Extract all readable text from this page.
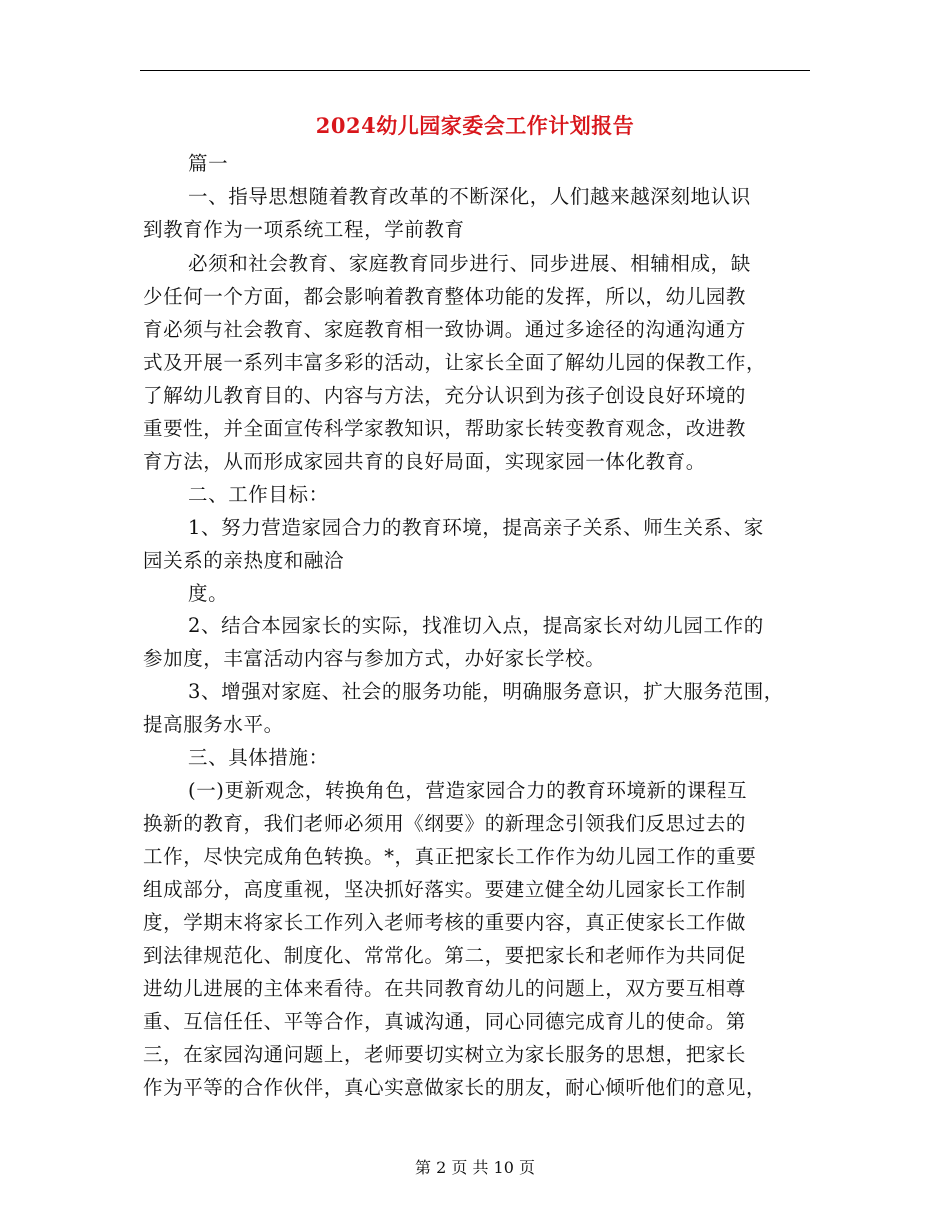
2024幼儿园家委会工作计划报告
篇一
一、指导思想随着教育改革的不断深化，人们越来越深刻地认识
到教育作为一项系统工程，学前教育
必须和社会教育、家庭教育同步进行、同步进展、相辅相成，缺
少任何一个方面，都会影响着教育整体功能的发挥，所以，幼儿园教
育必须与社会教育、家庭教育相一致协调。通过多途径的沟通沟通方
式及开展一系列丰富多彩的活动，让家长全面了解幼儿园的保教工作，
了解幼儿教育目的、内容与方法，充分认识到为孩子创设良好环境的
重要性，并全面宣传科学家教知识，帮助家长转变教育观念，改进教
育方法，从而形成家园共育的良好局面，实现家园一体化教育。
二、工作目标：
1、努力营造家园合力的教育环境，提高亲子关系、师生关系、家
园关系的亲热度和融洽
度。
2、结合本园家长的实际，找准切入点，提高家长对幼儿园工作的
参加度，丰富活动内容与参加方式，办好家长学校。
3、增强对家庭、社会的服务功能，明确服务意识，扩大服务范围，
提高服务水平。
三、具体措施：
(一)更新观念，转换角色，营造家园合力的教育环境新的课程互
换新的教育，我们老师必须用《纲要》的新理念引领我们反思过去的
工作，尽快完成角色转换。*，真正把家长工作作为幼儿园工作的重要
组成部分，高度重视，坚决抓好落实。要建立健全幼儿园家长工作制
度，学期末将家长工作列入老师考核的重要内容，真正使家长工作做
到法律规范化、制度化、常常化。第二，要把家长和老师作为共同促
进幼儿进展的主体来看待。在共同教育幼儿的问题上，双方要互相尊
重、互信任任、平等合作，真诚沟通，同心同德完成育儿的使命。第
三，在家园沟通问题上，老师要切实树立为家长服务的思想，把家长
作为平等的合作伙伴，真心实意做家长的朋友，耐心倾听他们的意见，
第 2 页 共 10 页
